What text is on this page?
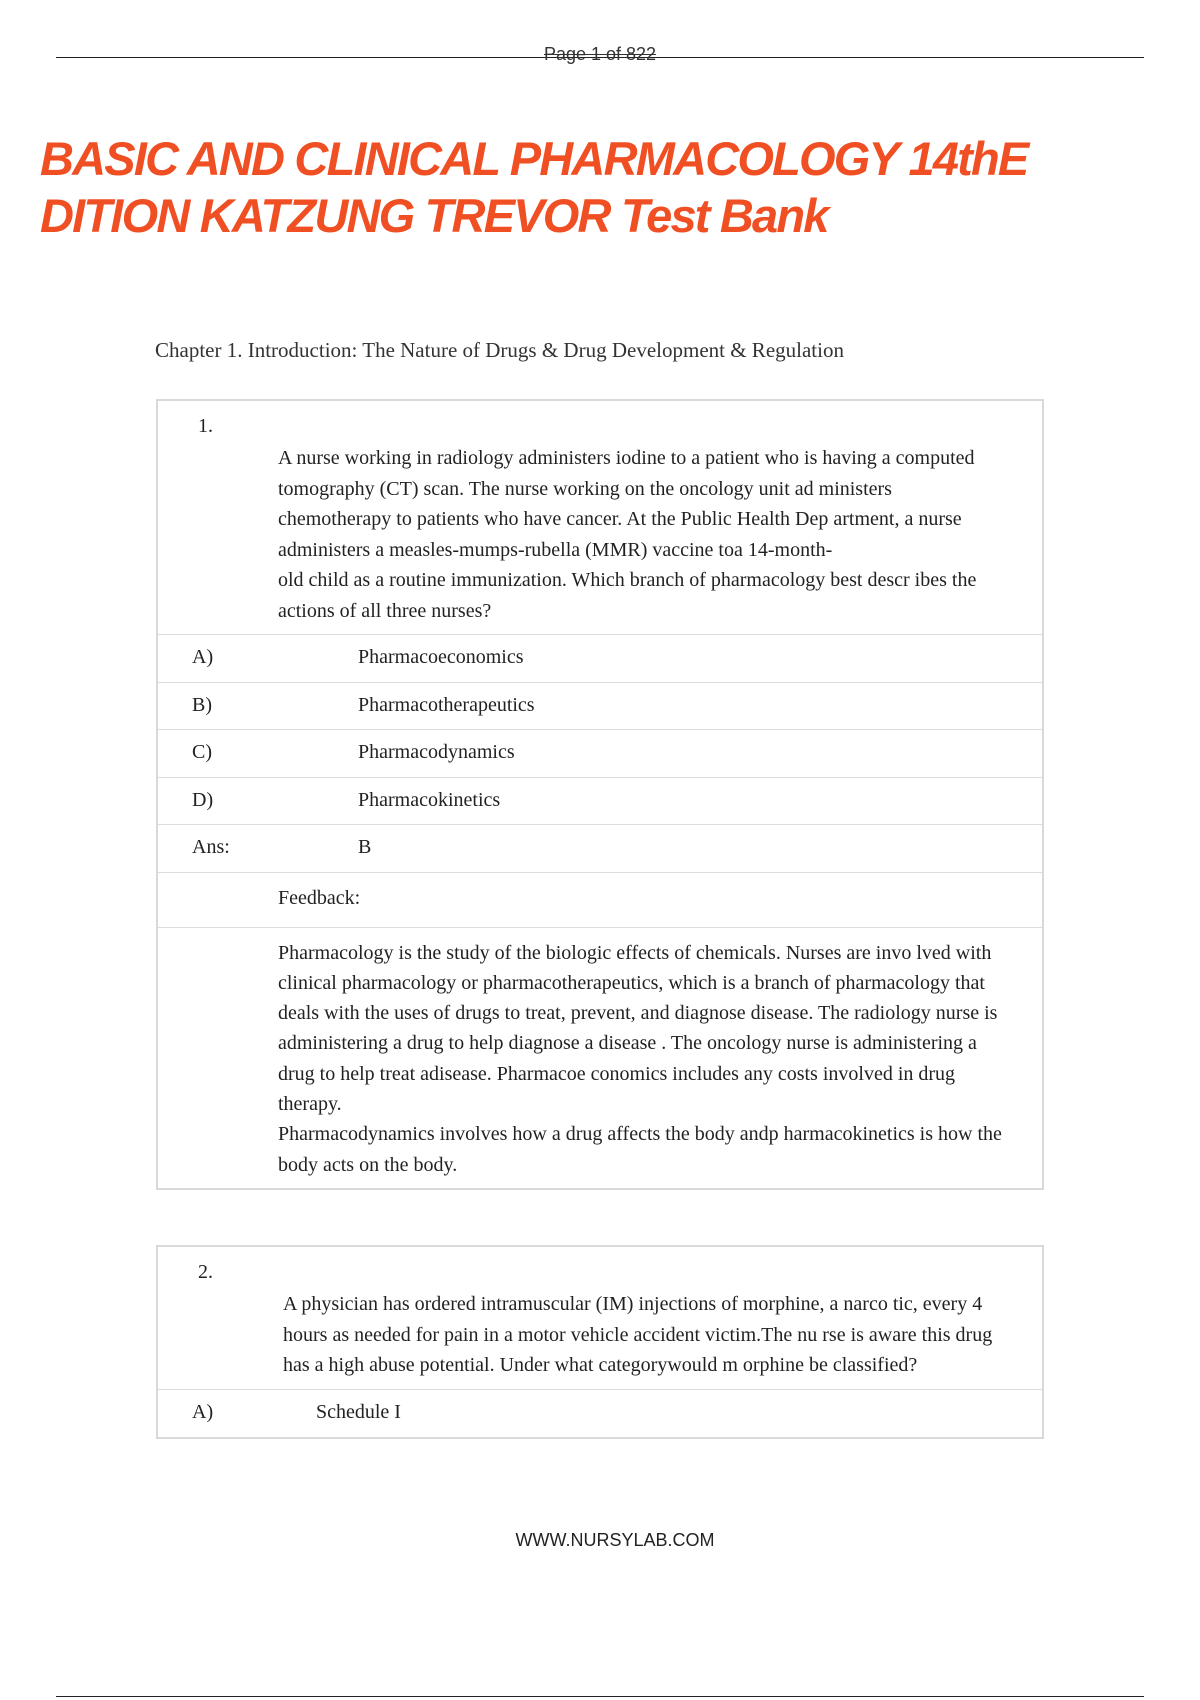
Page 1 of 822
BASIC AND CLINICAL PHARMACOLOGY 14thE
DITION KATZUNG TREVOR Test Bank
Chapter 1. Introduction: The Nature of Drugs & Drug Development & Regulation
1.

A nurse working in radiology administers iodine to a patient who is having a computed tomography (CT) scan. The nurse working on the oncology unit ad ministers chemotherapy to patients who have cancer. At the Public Health Dep artment, a nurse administers a measles-mumps-rubella (MMR) vaccine toa 14-month-
old child as a routine immunization. Which branch of pharmacology best descr ibes the actions of all three nurses?

A)	Pharmacoeconomics
B)	Pharmacotherapeutics
C)	Pharmacodynamics
D)	Pharmacokinetics
Ans:	B
Feedback:

Pharmacology is the study of the biologic effects of chemicals. Nurses are invo lved with clinical pharmacology or pharmacotherapeutics, which is a branch of pharmacology that deals with the uses of drugs to treat, prevent, and diagnose disease. The radiology nurse is administering a drug to help diagnose a disease . The oncology nurse is administering a drug to help treat adisease. Pharmacoe conomics includes any costs involved in drug therapy.
Pharmacodynamics involves how a drug affects the body andp harmacokinetics is how the body acts on the body.

2.

A physician has ordered intramuscular (IM) injections of morphine, a narco tic, every 4 hours as needed for pain in a motor vehicle accident victim.The nu rse is aware this drug has a high abuse potential. Under what categorywould m orphine be classified?

A)	Schedule I
WWW.NURSYLAB.COM
